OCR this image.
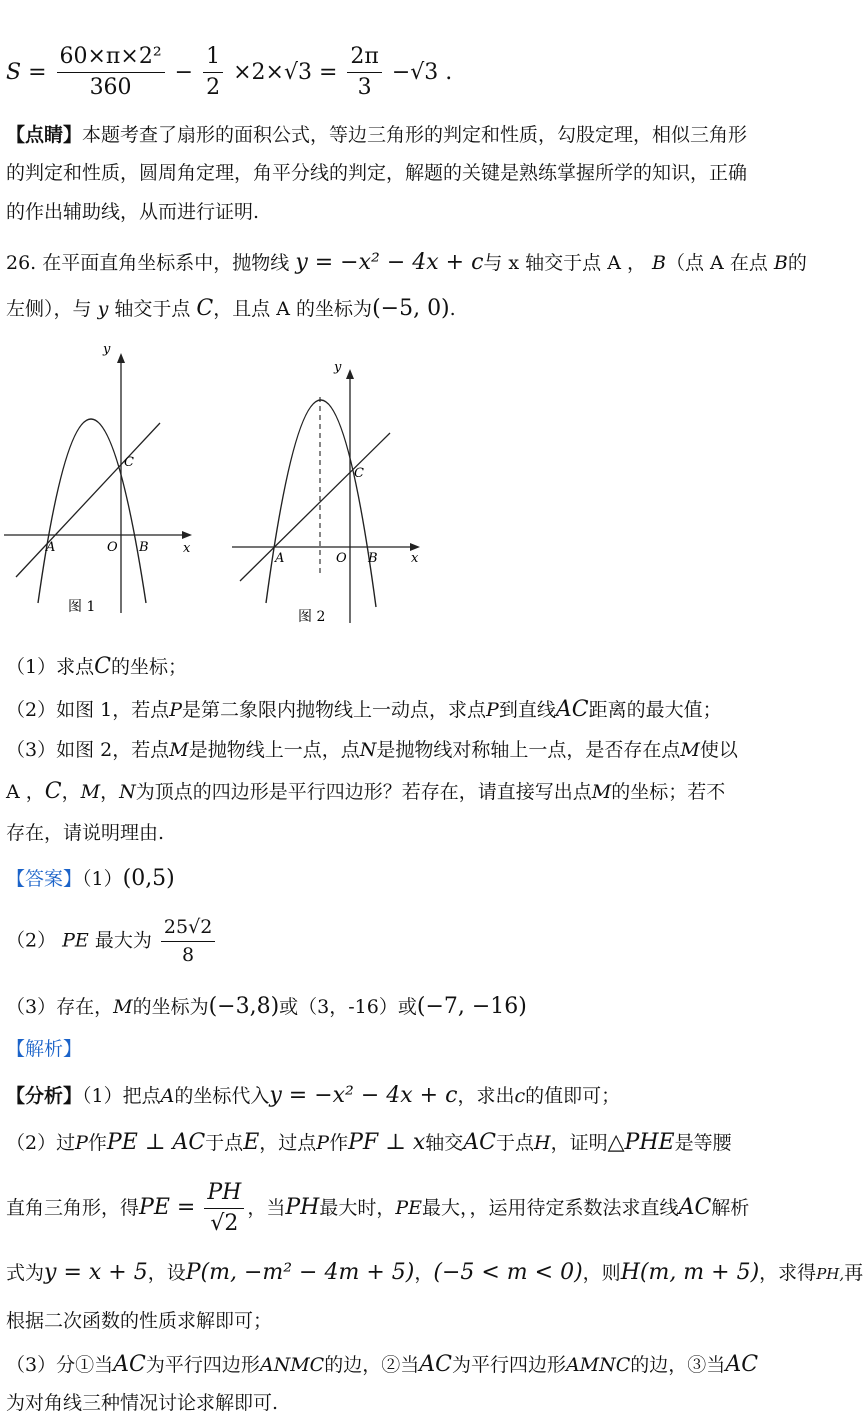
$S = \frac{\text{60×π×2²}}{360} - \frac{1}{2} \times 2\times√3 = \frac{2\pi}{3} -√3$ .
【点睛】本题考查了扇形的面积公式，等边三角形的判定和性质，勾股定理，相似三角形
的判定和性质，圆周角定理，角平分线的判定，解题的关键是熟练掌握所学的知识，正确
的作出辅助线，从而进行证明.
26. 在平面直角坐标系中，抛物线 y = −x² − 4x + c与 x 轴交于点 A ， B（点 A 在点 B的
左侧），与 y 轴交于点 C，且点 A 的坐标为(−5, 0).
y
x
A	O B
C
图 1
y
x
A	O B
C
图 2
（1）求点C的坐标；
（2）如图 1，若点P是第二象限内抛物线上一动点，求点P到直线AC距离的最大值；
（3）如图 2，若点M是抛物线上一点，点N是抛物线对称轴上一点，是否存在点M使以
A ，C，M，N为顶点的四边形是平行四边形？若存在，请直接写出点M的坐标；若不
存在，请说明理由.
【答案】（1）(0,5)
（2） PE 最大为 $\frac{25√2}{8}$
（3）存在，M的坐标为(−3,8)或（3，-16）或(−7, −16)
【解析】
【分析】（1）把点A的坐标代入y = −x² − 4x + c，求出c的值即可；
（2）过P作PE ⊥ AC于点E，过点P作PF ⊥ x轴交AC于点H，证明△PHE是等腰
直角三角形，得PE = $\frac{PH}{√2}$ ，当PH最大时，PE最大，，运用待定系数法求直线AC解析
式为y = x + 5，设P(m, −m² − 4m + 5)，(−5 < m < 0)，则H(m, m + 5)，求得PH,再
根据二次函数的性质求解即可；
（3）分①当AC为平行四边形ANMC的边，②当AC为平行四边形AMNC的边，③当AC
为对角线三种情况讨论求解即可.
